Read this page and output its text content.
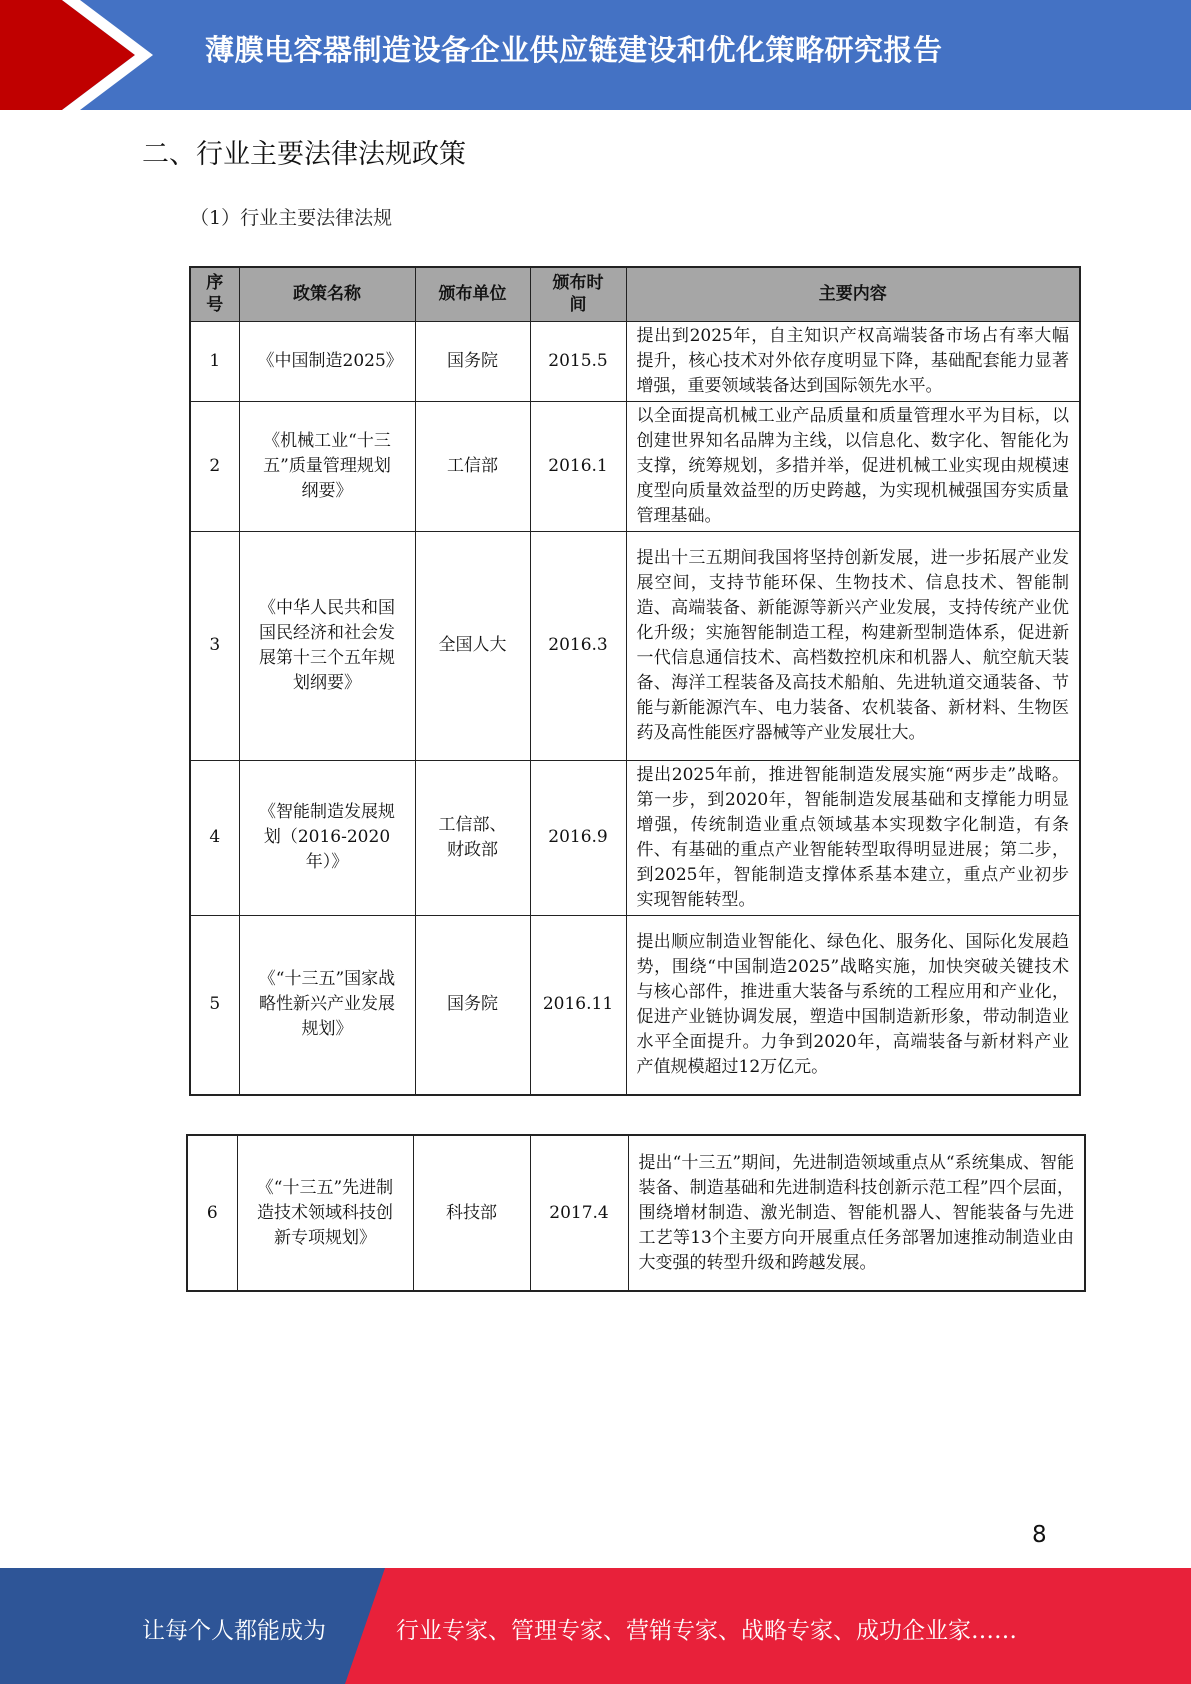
薄膜电容器制造设备企业供应链建设和优化策略研究报告
二、行业主要法律法规政策
（1）行业主要法律法规
序号	政策名称	颁布单位	颁布时间	主要内容
1	《中国制造2025》	国务院	2015.5	提出到2025年，自主知识产权高端装备市场占有率大幅提升，核心技术对外依存度明显下降，基础配套能力显著增强，重要领域装备达到国际领先水平。
2	《机械工业“十三五”质量管理规划纲要》	工信部	2016.1	以全面提高机械工业产品质量和质量管理水平为目标，以创建世界知名品牌为主线，以信息化、数字化、智能化为支撑，统筹规划，多措并举，促进机械工业实现由规模速度型向质量效益型的历史跨越，为实现机械强国夯实质量管理基础。
3	《中华人民共和国国民经济和社会发展第十三个五年规划纲要》	全国人大	2016.3	提出十三五期间我国将坚持创新发展，进一步拓展产业发展空间，支持节能环保、生物技术、信息技术、智能制造、高端装备、新能源等新兴产业发展，支持传统产业优化升级；实施智能制造工程，构建新型制造体系，促进新一代信息通信技术、高档数控机床和机器人、航空航天装备、海洋工程装备及高技术船舶、先进轨道交通装备、节能与新能源汽车、电力装备、农机装备、新材料、生物医药及高性能医疗器械等产业发展壮大。
4	《智能制造发展规划（2016-2020年）》	工信部、财政部	2016.9	提出2025年前，推进智能制造发展实施“两步走”战略。第一步，到2020年，智能制造发展基础和支撑能力明显增强，传统制造业重点领域基本实现数字化制造，有条件、有基础的重点产业智能转型取得明显进展；第二步，到2025年，智能制造支撑体系基本建立，重点产业初步实现智能转型。
5	《“十三五”国家战略性新兴产业发展规划》	国务院	2016.11	提出顺应制造业智能化、绿色化、服务化、国际化发展趋势，围绕“中国制造2025”战略实施，加快突破关键技术与核心部件，推进重大装备与系统的工程应用和产业化，促进产业链协调发展，塑造中国制造新形象，带动制造业水平全面提升。力争到2020年，高端装备与新材料产业产值规模超过12万亿元。
6	《“十三五”先进制造技术领域科技创新专项规划》	科技部	2017.4	提出“十三五”期间，先进制造领域重点从“系统集成、智能装备、制造基础和先进制造科技创新示范工程”四个层面，围绕增材制造、激光制造、智能机器人、智能装备与先进工艺等13个主要方向开展重点任务部署加速推动制造业由大变强的转型升级和跨越发展。
8
让每个人都能成为	行业专家、管理专家、营销专家、战略专家、成功企业家……
